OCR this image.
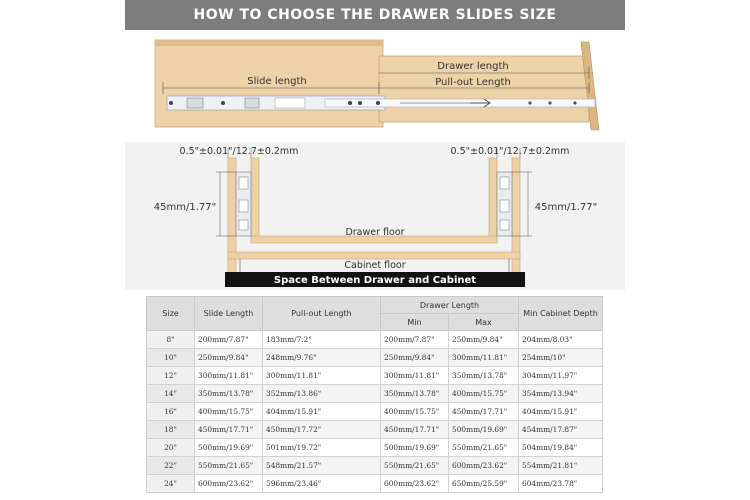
HOW TO CHOOSE THE DRAWER SLIDES SIZE
Slide length
Drawer length
Pull-out Length
0.5"±0.01"/12.7±0.2mm	0.5"±0.01"/12.7±0.2mm
45mm/1.77"	45mm/1.77"
Drawer floor
Cabinet floor
Space Between Drawer and Cabinet
Size	Slide Length	Pull-out Length	Drawer Length		Min Cabinet Depth
			Min	Max	
8"	200mm/7.87"	183mm/7.2"	200mm/7.87"	250mm/9.84"	204mm/8.03"
10"	250mm/9.84"	248mm/9.76"	250mm/9.84"	300mm/11.81"	254mm/10"
12"	300mm/11.81"	300mm/11.81"	300mm/11.81"	350mm/13.78"	304mm/11.97"
14"	350mm/13.78"	352mm/13.86"	350mm/13.78"	400mm/15.75"	354mm/13.94"
16"	400mm/15.75"	404mm/15.91"	400mm/15.75"	450mm/17.71"	404mm/15.91"
18"	450mm/17.71"	450mm/17.72"	450mm/17.71"	500mm/19.69"	454mm/17.87"
20"	500mm/19.69"	501mm/19.72"	500mm/19.69"	550mm/21.65"	504mm/19.84"
22"	550mm/21.65"	548mm/21.57"	550mm/21.65"	600mm/23.62"	554mm/21.81"
24"	600mm/23.62"	596mm/23.46"	600mm/23.62"	650mm/25.59"	604mm/23.78"
